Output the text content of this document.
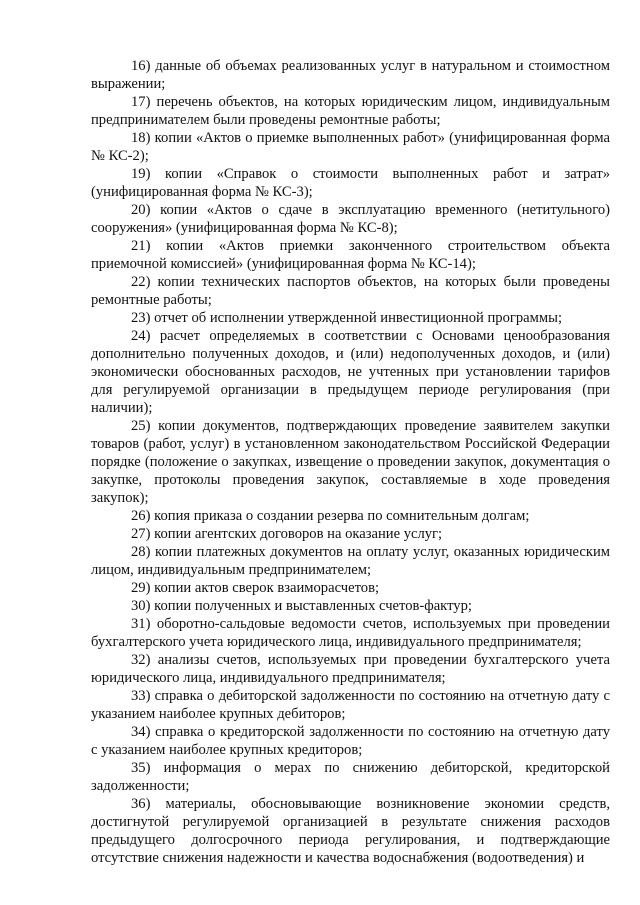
16) данные об объемах реализованных услуг в натуральном и стоимостном выражении;

17) перечень объектов, на которых юридическим лицом, индивидуальным предпринимателем были проведены ремонтные работы;

18) копии «Актов о приемке выполненных работ» (унифицированная форма № КС-2);

19) копии «Справок о стоимости выполненных работ и затрат» (унифицированная форма № КС-3);

20) копии «Актов о сдаче в эксплуатацию временного (нетитульного) сооружения» (унифицированная форма № КС-8);

21) копии «Актов приемки законченного строительством объекта приемочной комиссией» (унифицированная форма № КС-14);

22) копии технических паспортов объектов, на которых были проведены ремонтные работы;

23) отчет об исполнении утвержденной инвестиционной программы;

24) расчет определяемых в соответствии с Основами ценообразования дополнительно полученных доходов, и (или) недополученных доходов, и (или) экономически обоснованных расходов, не учтенных при установлении тарифов для регулируемой организации в предыдущем периоде регулирования (при наличии);

25) копии документов, подтверждающих проведение заявителем закупки товаров (работ, услуг) в установленном законодательством Российской Федерации порядке (положение о закупках, извещение о проведении закупок, документация о закупке, протоколы проведения закупок, составляемые в ходе проведения закупок);

26) копия приказа о создании резерва по сомнительным долгам;

27) копии агентских договоров на оказание услуг;

28) копии платежных документов на оплату услуг, оказанных юридическим лицом, индивидуальным предпринимателем;

29) копии актов сверок взаиморасчетов;

30) копии полученных и выставленных счетов-фактур;

31) оборотно-сальдовые ведомости счетов, используемых при проведении бухгалтерского учета юридического лица, индивидуального предпринимателя;

32) анализы счетов, используемых при проведении бухгалтерского учета юридического лица, индивидуального предпринимателя;

33) справка о дебиторской задолженности по состоянию на отчетную дату с указанием наиболее крупных дебиторов;

34) справка о кредиторской задолженности по состоянию на отчетную дату с указанием наиболее крупных кредиторов;

35) информация о мерах по снижению дебиторской, кредиторской задолженности;

36) материалы, обосновывающие возникновение экономии средств, достигнутой регулируемой организацией в результате снижения расходов предыдущего долгосрочного периода регулирования, и подтверждающие отсутствие снижения надежности и качества водоснабжения (водоотведения) и
